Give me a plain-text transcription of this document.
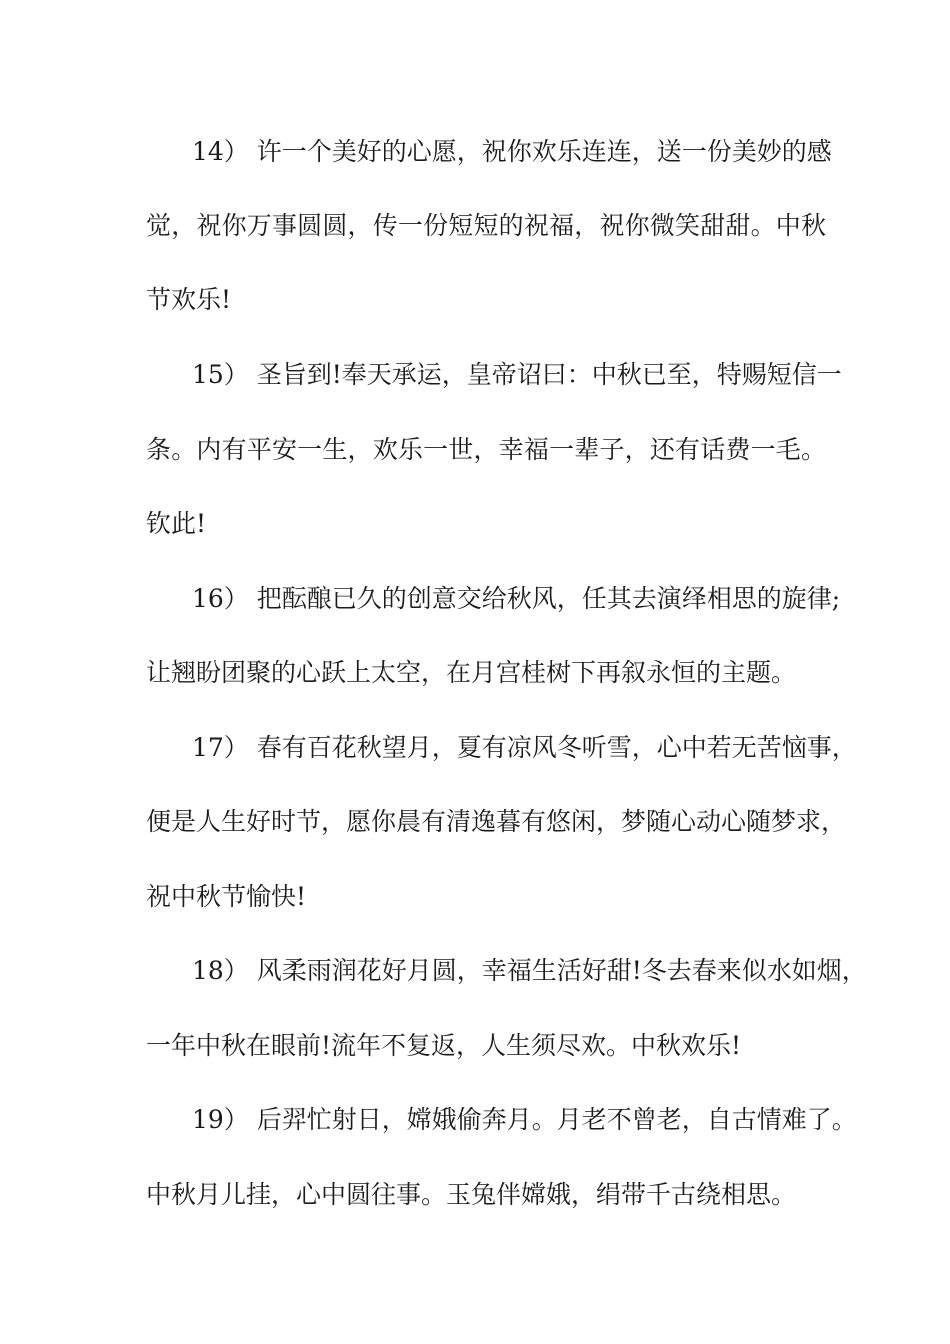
14） 许一个美好的心愿，祝你欢乐连连，送一份美妙的感
觉，祝你万事圆圆，传一份短短的祝福，祝你微笑甜甜。中秋
节欢乐!
15） 圣旨到!奉天承运，皇帝诏曰：中秋已至，特赐短信一
条。内有平安一生，欢乐一世，幸福一辈子，还有话费一毛。
钦此!
16） 把酝酿已久的创意交给秋风，任其去演绎相思的旋律;
让翘盼团聚的心跃上太空，在月宫桂树下再叙永恒的主题。
17） 春有百花秋望月，夏有凉风冬听雪，心中若无苦恼事，
便是人生好时节，愿你晨有清逸暮有悠闲，梦随心动心随梦求，
祝中秋节愉快!
18） 风柔雨润花好月圆，幸福生活好甜!冬去春来似水如烟，
一年中秋在眼前!流年不复返，人生须尽欢。中秋欢乐!
19） 后羿忙射日，嫦娥偷奔月。月老不曾老，自古情难了。
中秋月儿挂，心中圆往事。玉兔伴嫦娥，绢带千古绕相思。
